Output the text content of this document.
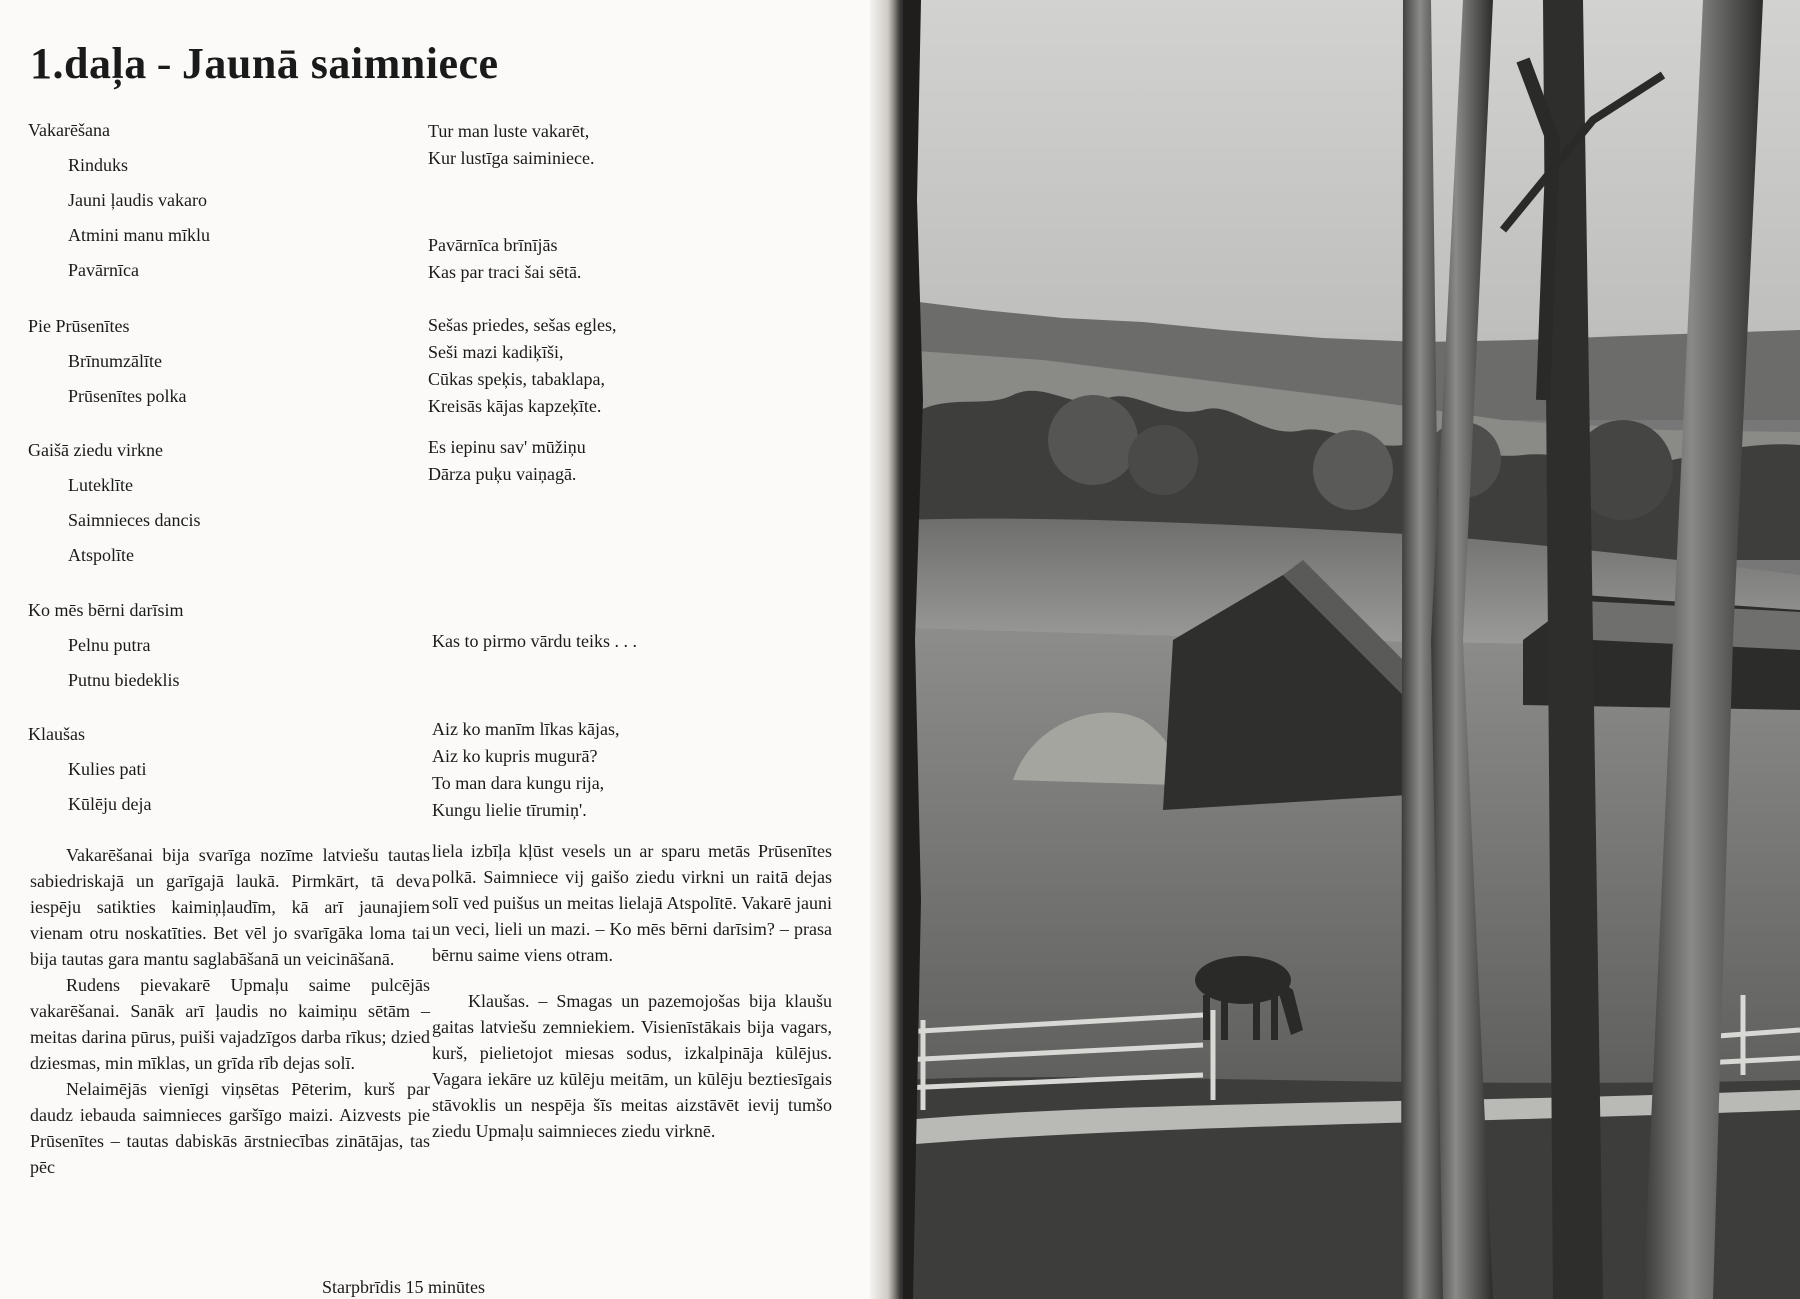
1.daļa - Jaunā saimniece
Vakarēšana
Rinduks
Jauni ļaudis vakaro
Atmini manu mīklu
Pavārnīca
Pie Prūsenītes
Brīnumzālīte
Prūsenītes polka
Gaišā ziedu virkne
Luteklīte
Saimnieces dancis
Atspolīte
Ko mēs bērni darīsim
Pelnu putra
Putnu biedeklis
Klaušas
Kulies pati
Kūlēju deja
Tur man luste vakarēt,
Kur lustīga saiminiece.
Pavārnīca brīnījās
Kas par traci šai sētā.
Sešas priedes, sešas egles,
Seši mazi kadiķīši,
Cūkas speķis, tabaklapa,
Kreisās kājas kapzeķīte.
Es iepinu sav' mūžiņu
Dārza puķu vaiņagā.
Kas to pirmo vārdu teiks . . .
Aiz ko manīm līkas kājas,
Aiz ko kupris mugurā?
To man dara kungu rija,
Kungu lielie tīrumiņ'.

Vakarēšanai bija svarīga nozīme latviešu tautas sabiedriskajā un garīgajā laukā. Pirmkārt, tā deva iespēju satikties kaimiņļaudīm, kā arī jaunajiem vienam otru noskatīties. Bet vēl jo svarīgāka loma tai bija tautas gara mantu saglabāšanā un veicināšanā.

Rudens pievakarē Upmaļu saime pulcējās vakarēšanai. Sanāk arī ļaudis no kaimiņu sētām – meitas darina pūrus, puiši vajadzīgos darba rīkus; dzied dziesmas, min mīklas, un grīda rīb dejas solī.

Nelaimējās vienīgi viņsētas Pēterim, kurš par daudz iebauda saimnieces garšīgo maizi. Aizvests pie Prūsenītes – tautas dabiskās ārstniecības zinātājas, tas pēc

liela izbīļa kļūst vesels un ar sparu metās Prūsenītes polkā. Saimniece vij gaišo ziedu virkni un raitā dejas solī ved puišus un meitas lielajā Atspolītē. Vakarē jauni un veci, lieli un mazi. – Ko mēs bērni darīsim? – prasa bērnu saime viens otram.

Klaušas. – Smagas un pazemojošas bija klaušu gaitas latviešu zemniekiem. Visienīstākais bija vagars, kurš, pielietojot miesas sodus, izkalpināja kūlējus. Vagara iekāre uz kūlēju meitām, un kūlēju beztiesīgais stāvoklis un nespēja šīs meitas aizstāvēt ievij tumšo ziedu Upmaļu saimnieces ziedu virknē.

Starpbrīdis 15 minūtes
